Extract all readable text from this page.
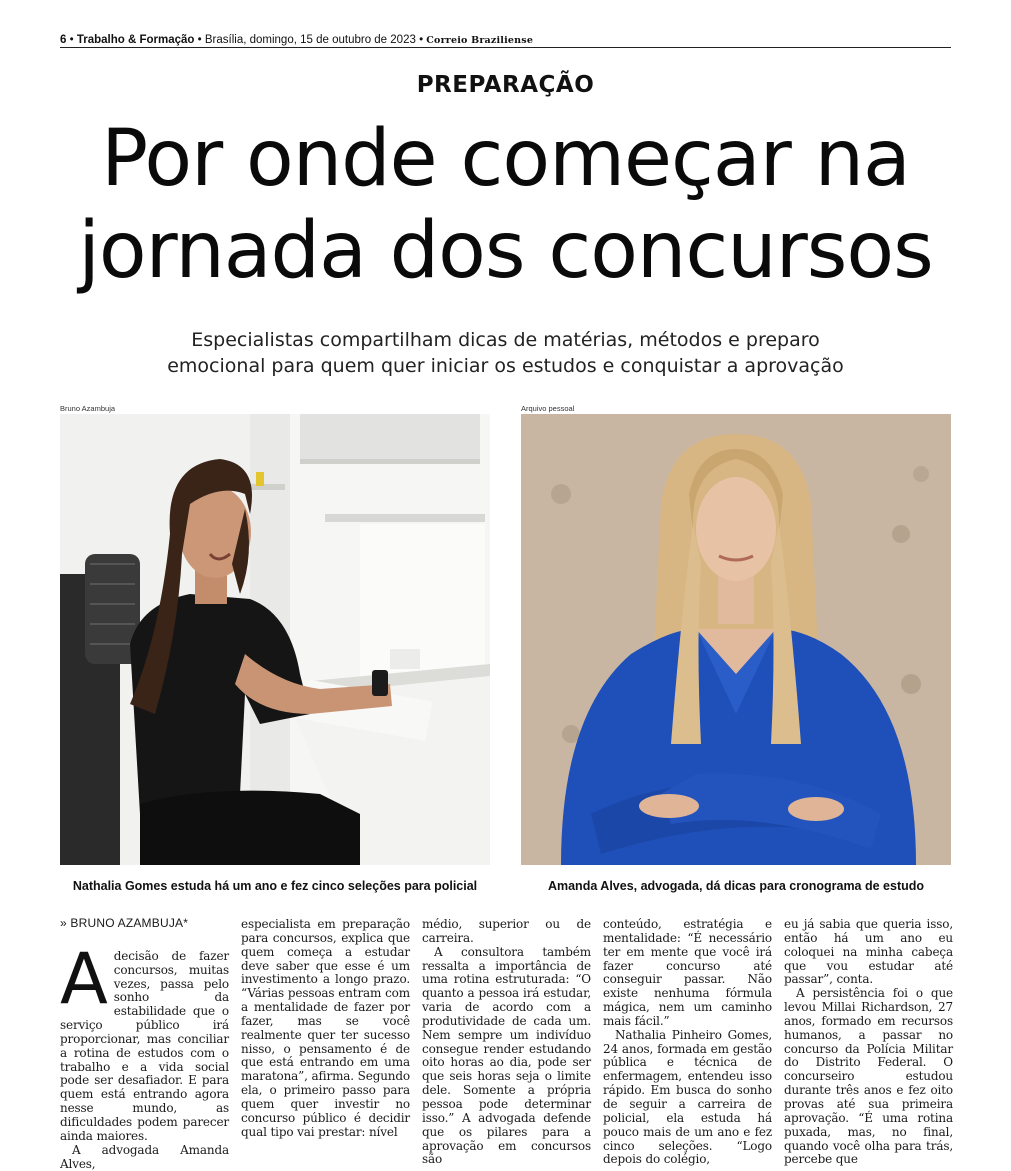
6 • Trabalho & Formação • Brasília, domingo, 15 de outubro de 2023 • Correio Braziliense
PREPARAÇÃO
Por onde começar na
jornada dos concursos
Especialistas compartilham dicas de matérias, métodos e preparo
emocional para quem quer iniciar os estudos e conquistar a aprovação
Bruno Azambuja	Arquivo pessoal
Nathalia Gomes estuda há um ano e fez cinco seleções para policial	Amanda Alves, advogada, dá dicas para cronograma de estudo
» BRUNO AZAMBUJA*
A decisão de fazer concursos, muitas vezes, passa pelo sonho da estabilidade que o serviço público irá proporcionar, mas conciliar a rotina de estudos com o trabalho e a vida social pode ser desafiador. E para quem está entrando agora nesse mundo, as dificuldades podem parecer ainda maiores.

A advogada Amanda Alves,

especialista em preparação para concursos, explica que quem começa a estudar deve saber que esse é um investimento a longo prazo. “Várias pessoas entram com a mentalidade de fazer por fazer, mas se você realmente quer ter sucesso nisso, o pensamento é de que está entrando em uma maratona”, afirma. Segundo ela, o primeiro passo para quem quer investir no concurso público é decidir qual tipo vai prestar: nível

médio, superior ou de carreira.

A consultora também ressalta a importância de uma rotina estruturada: “O quanto a pessoa irá estudar, varia de acordo com a produtividade de cada um. Nem sempre um indivíduo consegue render estudando oito horas ao dia, pode ser que seis horas seja o limite dele. Somente a própria pessoa pode determinar isso.” A advogada defende que os pilares para a aprovação em concursos são

conteúdo, estratégia e mentalidade: “É necessário ter em mente que você irá fazer concurso até conseguir passar. Não existe nenhuma fórmula mágica, nem um caminho mais fácil.”

Nathalia Pinheiro Gomes, 24 anos, formada em gestão pública e técnica de enfermagem, entendeu isso rápido. Em busca do sonho de seguir a carreira de policial, ela estuda há pouco mais de um ano e fez cinco seleções. “Logo depois do colégio,

eu já sabia que queria isso, então há um ano eu coloquei na minha cabeça que vou estudar até passar”, conta.

A persistência foi o que levou Millai Richardson, 27 anos, formado em recursos humanos, a passar no concurso da Polícia Militar do Distrito Federal. O concurseiro estudou durante três anos e fez oito provas até sua primeira aprovação. “É uma rotina puxada, mas, no final, quando você olha para trás, percebe que
